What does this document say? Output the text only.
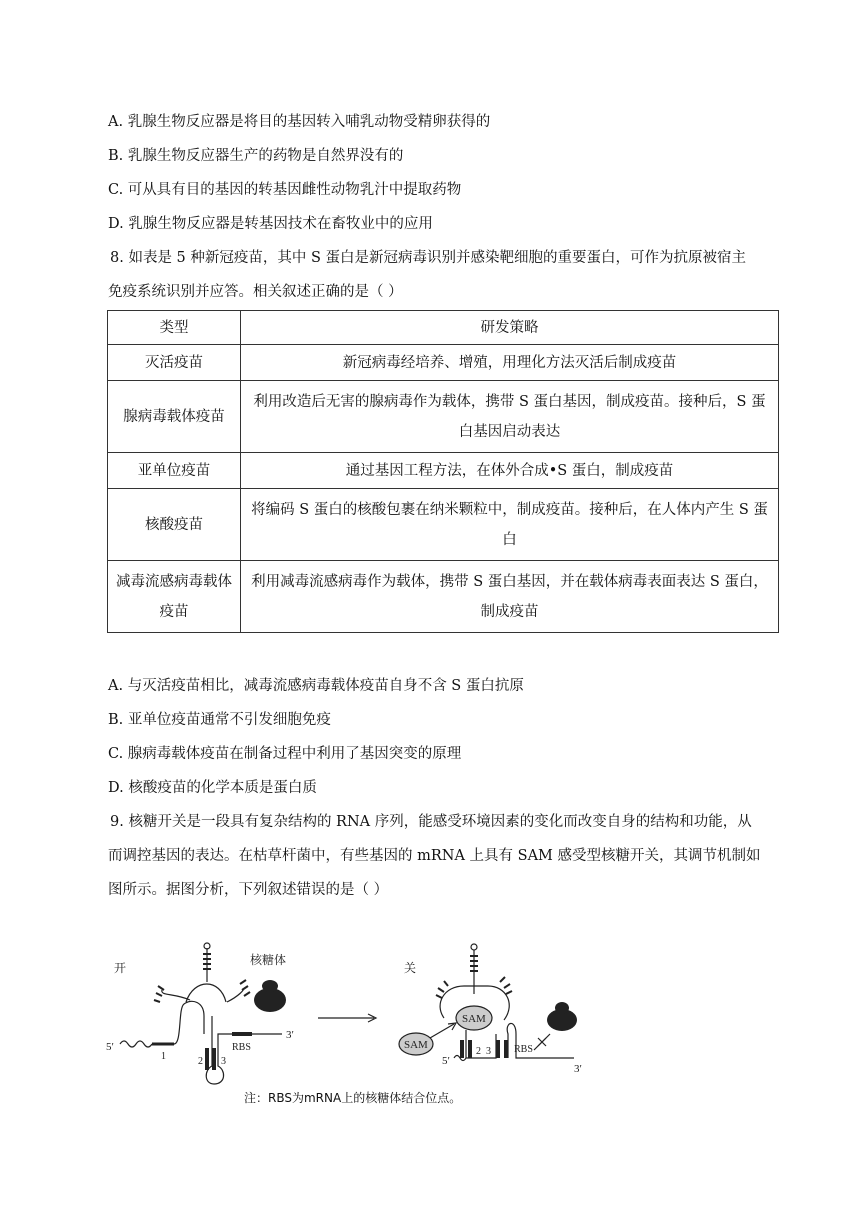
A. 乳腺生物反应器是将目的基因转入哺乳动物受精卵获得的
B. 乳腺生物反应器生产的药物是自然界没有的
C. 可从具有目的基因的转基因雌性动物乳汁中提取药物
D. 乳腺生物反应器是转基因技术在畜牧业中的应用
8. 如表是 5 种新冠疫苗，其中 S 蛋白是新冠病毒识别并感染靶细胞的重要蛋白，可作为抗原被宿主
免疫系统识别并应答。相关叙述正确的是（ ）
类型	研发策略
灭活疫苗	新冠病毒经培养、增殖，用理化方法灭活后制成疫苗
腺病毒载体疫苗	利用改造后无害的腺病毒作为载体，携带 S 蛋白基因，制成疫苗。接种后，S 蛋白基因启动表达
亚单位疫苗	通过基因工程方法，在体外合成•S 蛋白，制成疫苗
核酸疫苗	将编码 S 蛋白的核酸包裹在纳米颗粒中，制成疫苗。接种后，在人体内产生 S 蛋白
减毒流感病毒载体疫苗	利用减毒流感病毒作为载体，携带 S 蛋白基因，并在载体病毒表面表达 S 蛋白，制成疫苗
A. 与灭活疫苗相比，减毒流感病毒载体疫苗自身不含 S 蛋白抗原
B. 亚单位疫苗通常不引发细胞免疫
C. 腺病毒载体疫苗在制备过程中利用了基因突变的原理
D. 核酸疫苗的化学本质是蛋白质
9. 核糖开关是一段具有复杂结构的 RNA 序列，能感受环境因素的变化而改变自身的结构和功能，从
而调控基因的表达。在枯草杆菌中，有些基因的 mRNA 上具有 SAM 感受型核糖开关，其调节机制如
图所示。据图分析，下列叙述错误的是（ ）
开
5′
1	2 3
RBS
3′
核糖体
关
SAM
SAM
5′
2 3 RBS
3′
注：RBS为mRNA上的核糖体结合位点。
